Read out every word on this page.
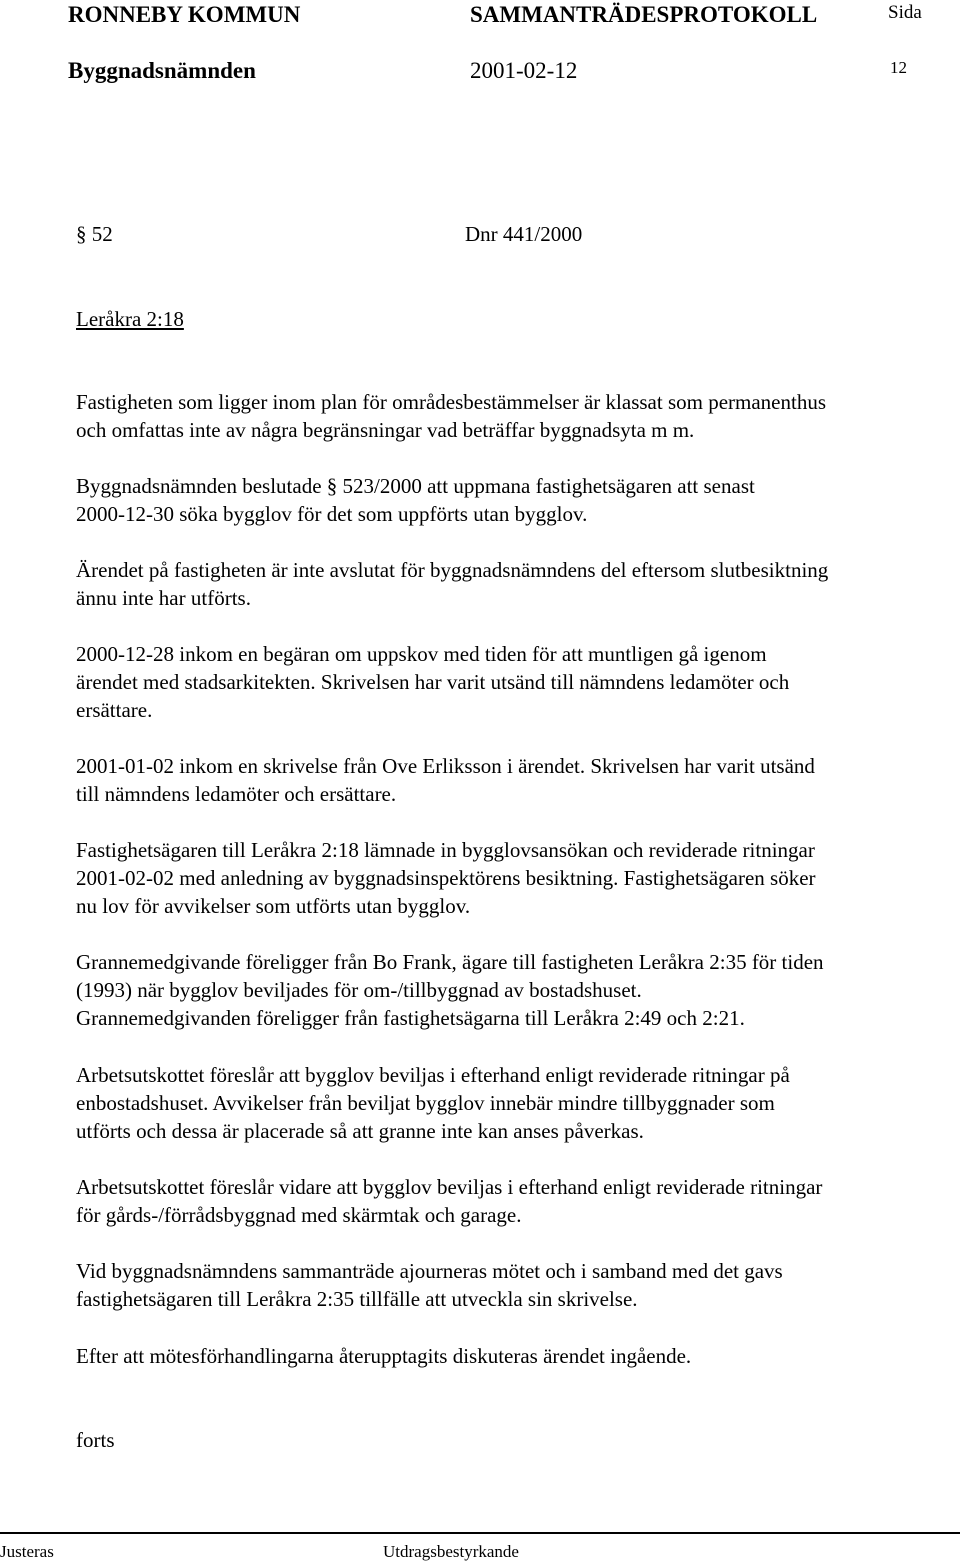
RONNEBY KOMMUN	SAMMANTRÄDESPROTOKOLL	Sida
Byggnadsnämnden	2001-02-12	12
§ 52	Dnr 441/2000
Leråkra 2:18
Fastigheten som ligger inom plan för områdesbestämmelser är klassat som permanenthus
och omfattas inte av några begränsningar vad beträffar byggnadsyta m m.
Byggnadsnämnden beslutade § 523/2000 att uppmana fastighetsägaren att senast
2000-12-30 söka bygglov för det som uppförts utan bygglov.
Ärendet på fastigheten är inte avslutat för byggnadsnämndens del eftersom slutbesiktning
ännu inte har utförts.
2000-12-28 inkom en begäran om uppskov med tiden för att muntligen gå igenom
ärendet med stadsarkitekten. Skrivelsen har varit utsänd till nämndens ledamöter och
ersättare.
2001-01-02 inkom en skrivelse från Ove Erliksson i ärendet. Skrivelsen har varit utsänd
till nämndens ledamöter och ersättare.
Fastighetsägaren till Leråkra 2:18 lämnade in bygglovsansökan och reviderade ritningar
2001-02-02 med anledning av byggnadsinspektörens besiktning. Fastighetsägaren söker
nu lov för avvikelser som utförts utan bygglov.
Grannemedgivande föreligger från Bo Frank, ägare till fastigheten Leråkra 2:35 för tiden
(1993) när bygglov beviljades för om-/tillbyggnad av bostadshuset.
Grannemedgivanden föreligger från fastighetsägarna till Leråkra 2:49 och 2:21.
Arbetsutskottet föreslår att bygglov beviljas i efterhand enligt reviderade ritningar på
enbostadshuset. Avvikelser från beviljat bygglov innebär mindre tillbyggnader som
utförts och dessa är placerade så att granne inte kan anses påverkas.
Arbetsutskottet föreslår vidare att bygglov beviljas i efterhand enligt reviderade ritningar
för gårds-/förrådsbyggnad med skärmtak och garage.
Vid byggnadsnämndens sammanträde ajourneras mötet och i samband med det gavs
fastighetsägaren till Leråkra 2:35 tillfälle att utveckla sin skrivelse.
Efter att mötesförhandlingarna återupptagits diskuteras ärendet ingående.
forts
Justeras	Utdragsbestyrkande
